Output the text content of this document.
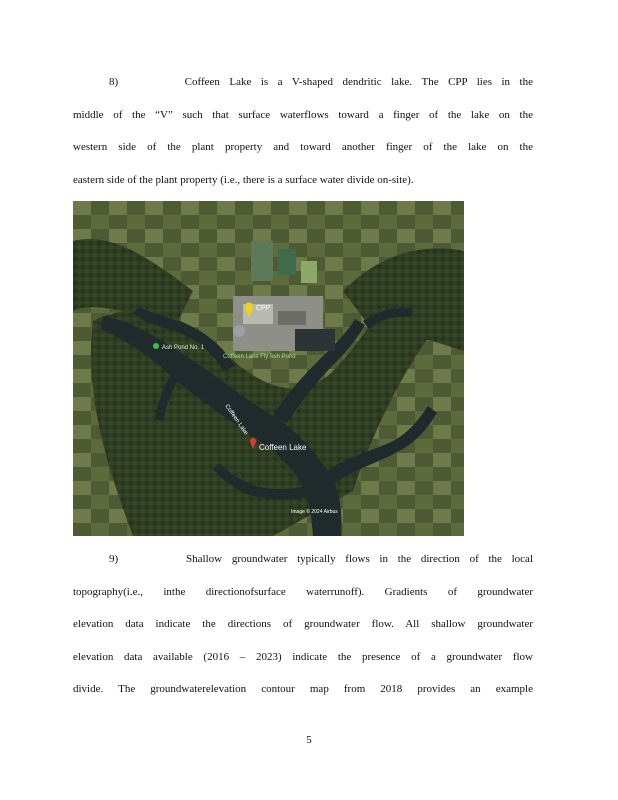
8)       Coffeen Lake is a V-shaped dendritic lake. The CPP lies in the
middle of the “V” such that surface waterflows toward a finger of the lake on the
western side of the plant property and toward another finger of the lake on the
eastern side of the plant property (i.e., there is a surface water divide on-site).
CPP
Ash Pond No. 1
Coffeen Lake Fly Ash Pond
Coffeen Lake
Coffeen Lake
Image © 2024 Airbus
9)       Shallow groundwater typically flows in the direction of the local
topography(i.e., inthe directionofsurface waterrunoff). Gradients of groundwater
elevation data indicate the directions of groundwater flow. All shallow groundwater
elevation data available (2016 – 2023) indicate the presence of a groundwater flow
divide. The groundwaterelevation contour map from 2018 provides an example
5
